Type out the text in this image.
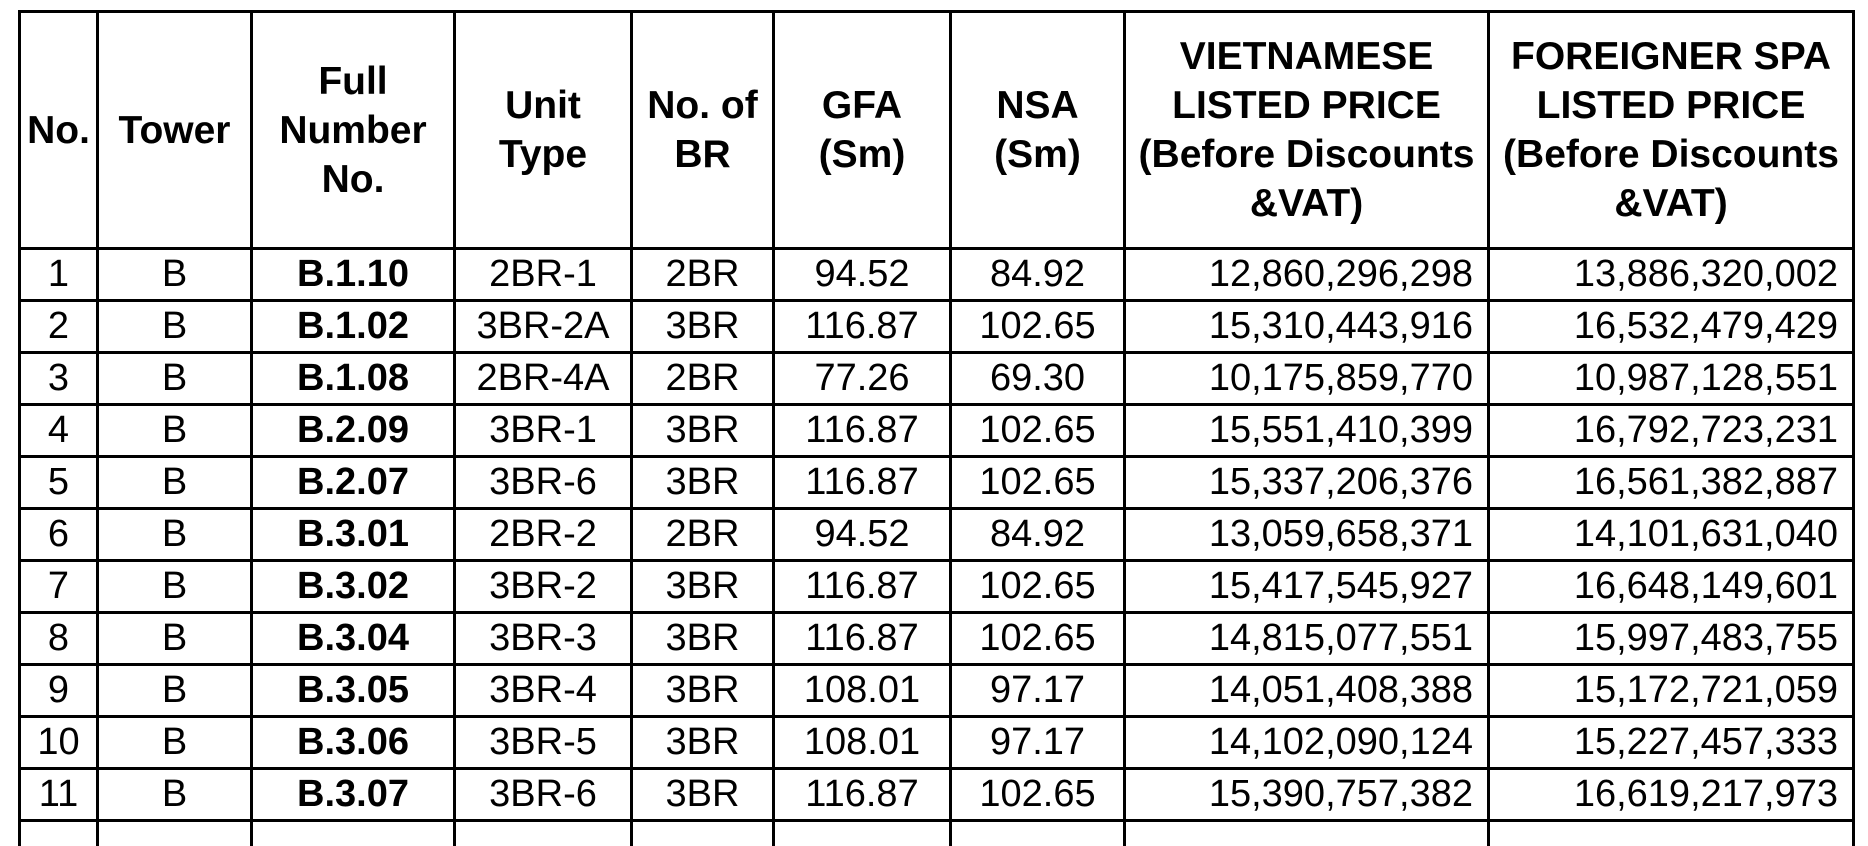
No.	Tower	Full Number No.	Unit Type	No. of BR	GFA (Sm)	NSA (Sm)	VIETNAMESE LISTED PRICE (Before Discounts &VAT)	FOREIGNER SPA LISTED PRICE (Before Discounts &VAT)
1	B	B.1.10	2BR-1	2BR	94.52	84.92	12,860,296,298	13,886,320,002
2	B	B.1.02	3BR-2A	3BR	116.87	102.65	15,310,443,916	16,532,479,429
3	B	B.1.08	2BR-4A	2BR	77.26	69.30	10,175,859,770	10,987,128,551
4	B	B.2.09	3BR-1	3BR	116.87	102.65	15,551,410,399	16,792,723,231
5	B	B.2.07	3BR-6	3BR	116.87	102.65	15,337,206,376	16,561,382,887
6	B	B.3.01	2BR-2	2BR	94.52	84.92	13,059,658,371	14,101,631,040
7	B	B.3.02	3BR-2	3BR	116.87	102.65	15,417,545,927	16,648,149,601
8	B	B.3.04	3BR-3	3BR	116.87	102.65	14,815,077,551	15,997,483,755
9	B	B.3.05	3BR-4	3BR	108.01	97.17	14,051,408,388	15,172,721,059
10	B	B.3.06	3BR-5	3BR	108.01	97.17	14,102,090,124	15,227,457,333
11	B	B.3.07	3BR-6	3BR	116.87	102.65	15,390,757,382	16,619,217,973
